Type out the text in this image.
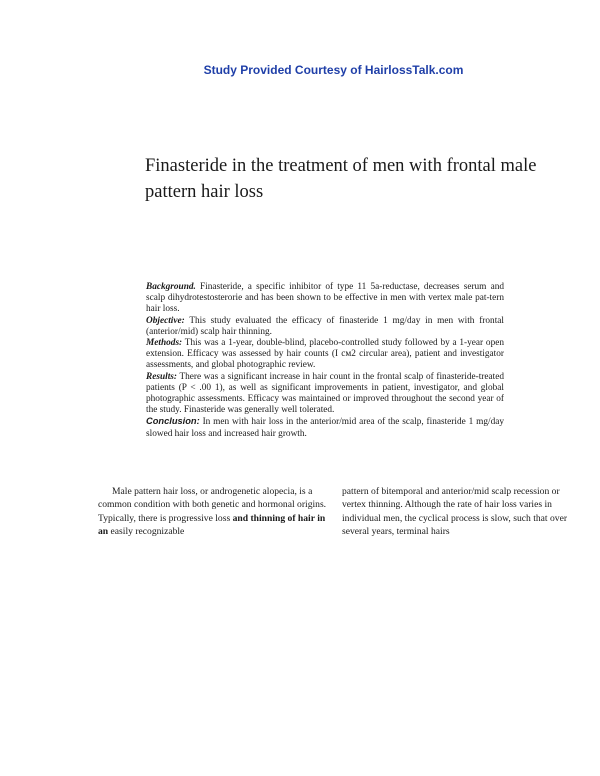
Study Provided Courtesy of HairlossTalk.com
Finasteride in the treatment of men with frontal male
pattern hair loss

Background. Finasteride, a specific inhibitor of type 11 5a-reductase, decreases serum and scalp dihydrotestosterorie and has been shown to be effective in men with vertex male pat-tern hair loss.

Objective: This study evaluated the efficacy of finasteride 1 mg/day in men with frontal (anterior/mid) scalp hair thinning.

Methods: This was a 1-year, double-blind, placebo-controlled study followed by a 1-year open extension. Efficacy was assessed by hair counts (I cм2 circular area), patient and investigator assessments, and global photographic review.

Results: There was a significant increase in hair count in the frontal scalp of finasteride-treated patients (P < .00 1), as well as significant improvements in patient, investigator, and global photographic assessments. Efficacy was maintained or improved throughout the second year of the study. Finasteride was generally well tolerated.

Conclusion: In men with hair loss in the anterior/mid area of the scalp, finasteride 1 mg/day slowed hair loss and increased hair growth.

Male pattern hair loss, or androgenetic alopecia, is a common condition with both genetic and hormonal origins. Typically, there is progressive loss and thinning of hair in an easily recognizable

pattern of bitemporal and anterior/mid scalp recession or vertex thinning. Although the rate of hair loss varies in individual men, the cyclical process is slow, such that over several years, terminal hairs
